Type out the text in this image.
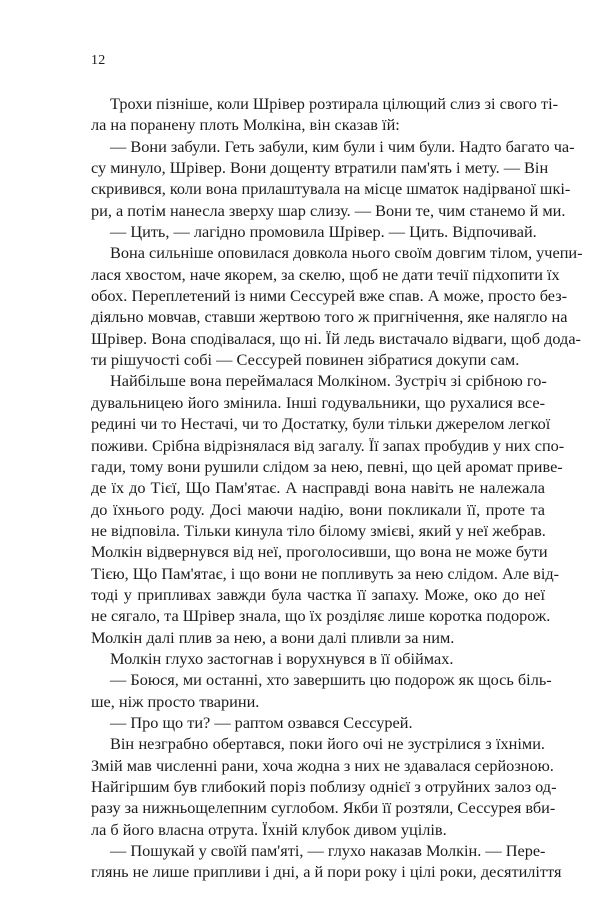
12
Трохи пізніше, коли Шрівер розтирала цілющий слиз зі свого ті-
ла на поранену плоть Молкіна, він сказав їй:
— Вони забули. Геть забули, ким були і чим були. Надто багато ча-
су минуло, Шрівер. Вони дощенту втратили пам'ять і мету. — Він
скривився, коли вона прилаштувала на місце шматок надірваної шкі-
ри, а потім нанесла зверху шар слизу. — Вони те, чим станемо й ми.
— Цить, — лагідно промовила Шрівер. — Цить. Відпочивай.
Вона сильніше оповилася довкола нього своїм довгим тілом, учепи-
лася хвостом, наче якорем, за скелю, щоб не дати течії підхопити їх
обох. Переплетений із ними Сессурей вже спав. А може, просто без-
діяльно мовчав, ставши жертвою того ж пригнічення, яке налягло на
Шрівер. Вона сподівалася, що ні. Їй ледь вистачало відваги, щоб дода-
ти рішучості собі — Сессурей повинен зібратися докупи сам.
Найбільше вона переймалася Молкіном. Зустріч зі срібною го-
дувальницею його змінила. Інші годувальники, що рухалися все-
редині чи то Нестачі, чи то Достатку, були тільки джерелом легкої
поживи. Срібна відрізнялася від загалу. Її запах пробудив у них спо-
гади, тому вони рушили слідом за нею, певні, що цей аромат приве-
де їх до Тієї, Що Пам'ятає. А насправді вона навіть не належала
до їхнього роду. Досі маючи надію, вони покликали її, проте та
не відповіла. Тільки кинула тіло білому змієві, який у неї жебрав.
Молкін відвернувся від неї, проголосивши, що вона не може бути
Тією, Що Пам'ятає, і що вони не попливуть за нею слідом. Але від-
тоді у припливах завжди була частка її запаху. Може, око до неї
не сягало, та Шрівер знала, що їх розділяє лише коротка подорож.
Молкін далі плив за нею, а вони далі пливли за ним.
Молкін глухо застогнав і ворухнувся в її обіймах.
— Боюся, ми останні, хто завершить цю подорож як щось біль-
ше, ніж просто тварини.
— Про що ти? — раптом озвався Сессурей.
Він незграбно обертався, поки його очі не зустрілися з їхніми.
Змій мав численні рани, хоча жодна з них не здавалася серйозною.
Найгіршим був глибокий поріз поблизу однієї з отруйних залоз од-
разу за нижньощелепним суглобом. Якби її розтяли, Сессурея вби-
ла б його власна отрута. Їхній клубок дивом уцілів.
— Пошукай у своїй пам'яті, — глухо наказав Молкін. — Пере-
глянь не лише припливи і дні, а й пори року і цілі роки, десятиліття
